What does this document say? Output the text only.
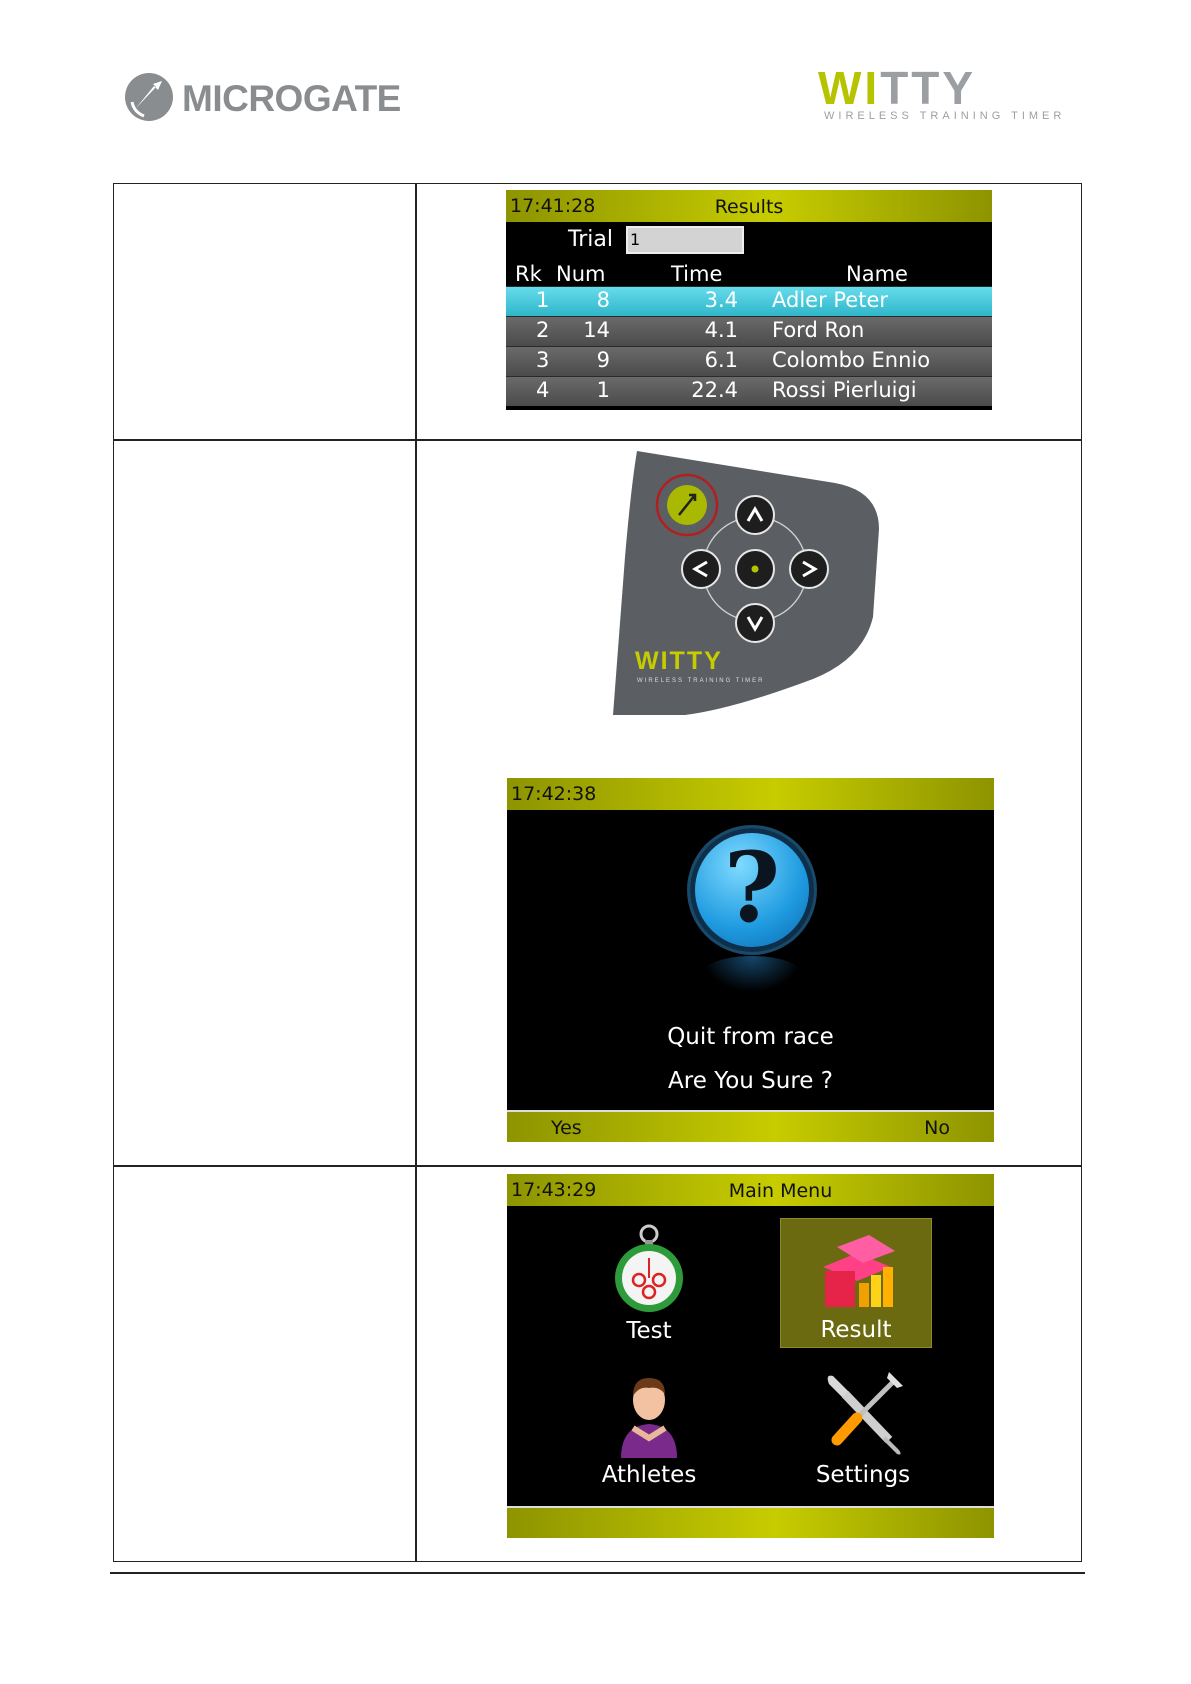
MICROGATE	WITTY
WIRELESS TRAINING TIMER
17:41:28	Results
Trial 1
Rk Num	Time	Name
1	8	3.4 Adler Peter
2	14	4.1 Ford Ron
3	9	6.1 Colombo Ennio
4	1	22.4 Rossi Pierluigi
WITTY
WIRELESS TRAINING TIMER
17:42:38
?
Quit from race
Are You Sure ?
Yes	No
17:43:29	Main Menu
Test	Result
Athletes	Settings
